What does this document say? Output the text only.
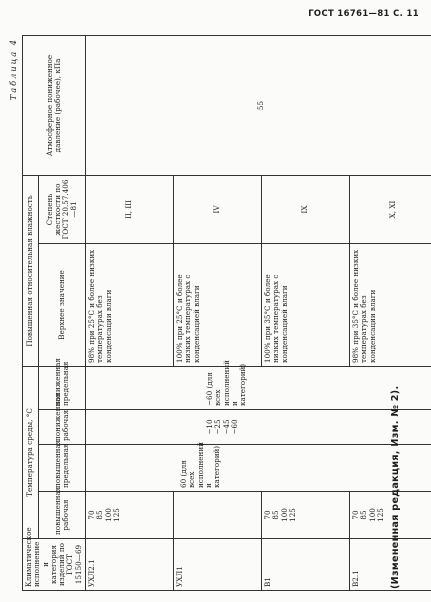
ГОСТ 16761—81 С. 11
Таблица 4
Климатическое исполнение и категория изделий по ГОСТ 15150—69	Температура среды, °С				Повышенная относительная влажность		Атмосферное пониженное давление (рабочее), кПа
	повышенная рабочая	повышенная предельная	пониженная рабочая	пониженная предельная	Верхнее значение	Степень жесткости по ГОСТ 20.57.406—81	
УХЛ2.1	70 85 100 125	60 (для всех исполнений и категорий)	−10 −25 −45 −60	−60 (для всех исполнений и категорий)	98% при 25°С и более низких температурах без конденсации влаги	II, III	55
УХЛ1					100% при 25°С и более низких температурах с конденсацией влаги	IV	
В1	70 85 100 125				100% при 35°С и более низких температурах с конденсацией влаги	IX	
В2.1	70 85 100 125				98% при 35°С и более низких температурах без конденсации влаги	X, XI	
(Измененная редакция, Изм. № 2).
